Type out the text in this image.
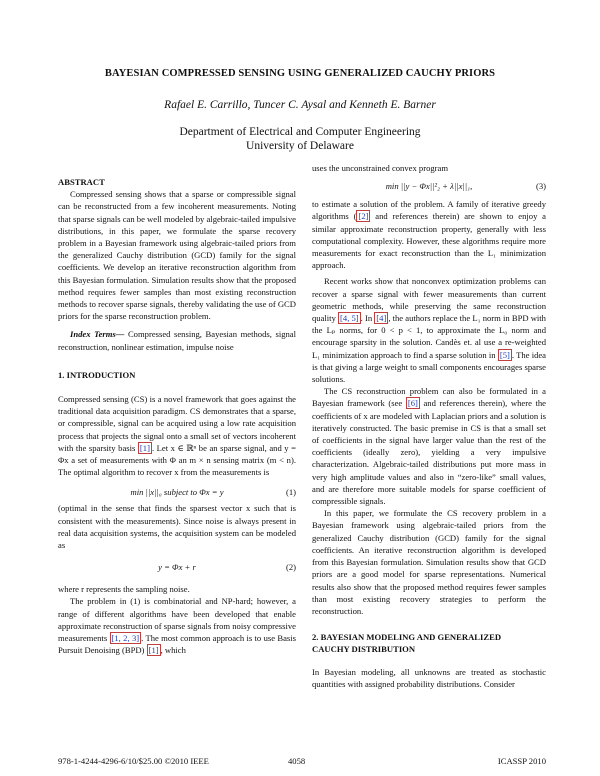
BAYESIAN COMPRESSED SENSING USING GENERALIZED CAUCHY PRIORS
Rafael E. Carrillo, Tuncer C. Aysal and Kenneth E. Barner
Department of Electrical and Computer Engineering
University of Delaware

ABSTRACT

Compressed sensing shows that a sparse or compressible signal can be reconstructed from a few incoherent measurements. Noting that sparse signals can be well modeled by algebraic-tailed impulsive distributions, in this paper, we formulate the sparse recovery problem in a Bayesian framework using algebraic-tailed priors from the generalized Cauchy distribution (GCD) family for the signal coefficients. We develop an iterative reconstruction algorithm from this Bayesian formulation. Simulation results show that the proposed method requires fewer samples than most existing reconstruction methods to recover sparse signals, thereby validating the use of GCD priors for the sparse reconstruction problem.

Index Terms— Compressed sensing, Bayesian methods, signal reconstruction, nonlinear estimation, impulse noise

1. INTRODUCTION

Compressed sensing (CS) is a novel framework that goes against the traditional data acquisition paradigm. CS demonstrates that a sparse, or compressible, signal can be acquired using a low rate acquisition process that projects the signal onto a small set of vectors incoherent with the sparsity basis [1] . Let x ∈ ℝⁿ be an sparse signal, and y = Φx a set of measurements with Φ an m × n sensing matrix (m < n). The optimal algorithm to recover x from the measurements is

min ||x||₀ subject to Φx = y	(1)

(optimal in the sense that finds the sparsest vector x such that is consistent with the measurements). Since noise is always present in real data acquisition systems, the acquisition system can be modeled as

y = Φx + r	(2)

where r represents the sampling noise.

The problem in (1) is combinatorial and NP-hard; however, a range of different algorithms have been developed that enable approximate reconstruction of sparse signals from noisy compressive measurements [1, 2, 3] . The most common approach is to use Basis Pursuit Denoising (BPD) [1] , which

uses the unconstrained convex program

min ||y − Φx||²₂ + λ||x||₁,	(3)

to estimate a solution of the problem. A family of iterative greedy algorithms ( [2] and references therein) are shown to enjoy a similar approximate reconstruction property, generally with less computational complexity. However, these algorithms require more measurements for exact reconstruction than the L₁ minimization approach.

Recent works show that nonconvex optimization problems can recover a sparse signal with fewer measurements than current geometric methods, while preserving the same reconstruction quality [4, 5] . In [4] , the authors replace the L₁ norm in BPD with the Lₚ norms, for 0 < p < 1, to approximate the L₀ norm and encourage sparsity in the solution. Candès et. al use a re-weighted L₁ minimization approach to find a sparse solution in [5] . The idea is that giving a large weight to small components encourages sparse solutions.

The CS reconstruction problem can also be formulated in a Bayesian framework (see [6] and references therein), where the coefficients of x are modeled with Laplacian priors and a solution is iteratively constructed. The basic premise in CS is that a small set of coefficients in the signal have larger value than the rest of the coefficients (ideally zero), yielding a very impulsive characterization. Algebraic-tailed distributions put more mass in very high amplitude values and also in “zero-like” small values, and are therefore more suitable models for sparse coefficient of compressible signals.

In this paper, we formulate the CS recovery problem in a Bayesian framework using algebraic-tailed priors from the generalized Cauchy distribution (GCD) family for the signal coefficients. An iterative reconstruction algorithm is developed from this Bayesian formulation. Simulation results show that GCD priors are a good model for sparse representations. Numerical results also show that the proposed method requires fewer samples than most existing recovery strategies to perform the reconstruction.

2. BAYESIAN MODELING AND GENERALIZED

CAUCHY DISTRIBUTION

In Bayesian modeling, all unknowns are treated as stochastic quantities with assigned probability distributions. Consider

978-1-4244-4296-6/10/$25.00 ©2010 IEEE	4058	ICASSP 2010
